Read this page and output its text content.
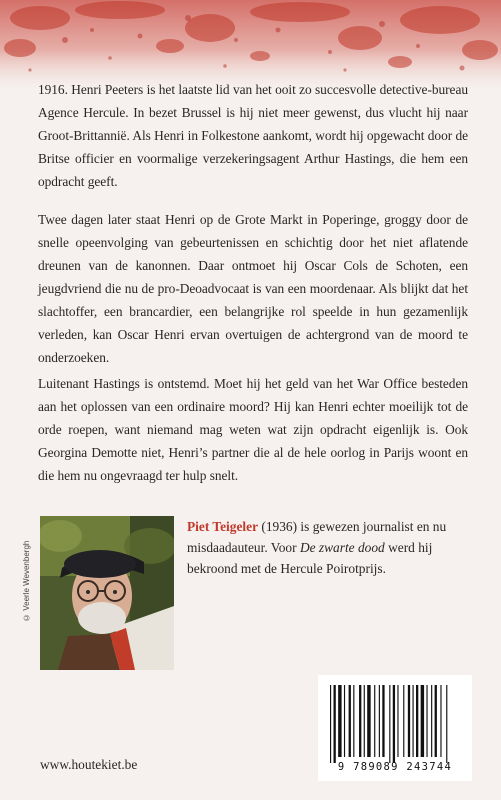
1916. Henri Peeters is het laatste lid van het ooit zo succesvolle detective-bureau Agence Hercule. In bezet Brussel is hij niet meer gewenst, dus vlucht hij naar Groot-Brittannië. Als Henri in Folkestone aankomt, wordt hij opgewacht door de Britse officier en voormalige verzekeringsagent Arthur Hastings, die hem een opdracht geeft.

Twee dagen later staat Henri op de Grote Markt in Poperinge, groggy door de snelle opeenvolging van gebeurtenissen en schichtig door het niet aflatende dreunen van de kanonnen. Daar ontmoet hij Oscar Cols de Schoten, een jeugdvriend die nu de pro-Deoadvocaat is van een moordenaar. Als blijkt dat het slachtoffer, een brancardier, een belangrijke rol speelde in hun gezamenlijk verleden, kan Oscar Henri ervan overtuigen de achtergrond van de moord te onderzoeken.

Luitenant Hastings is ontstemd. Moet hij het geld van het War Office besteden aan het oplossen van een ordinaire moord? Hij kan Henri echter moeilijk tot de orde roepen, want niemand mag weten wat zijn opdracht eigenlijk is. Ook Georgina Demotte niet, Henri’s partner die al de hele oorlog in Parijs woont en die hem nu ongevraagd ter hulp snelt.

© Veerle Wevenbergh

Piet Teigeler (1936) is gewezen journalist en nu misdaadauteur. Voor De zwarte dood werd hij bekroond met de Hercule Poirotprijs.

9 789089 243744
www.houtekiet.be
